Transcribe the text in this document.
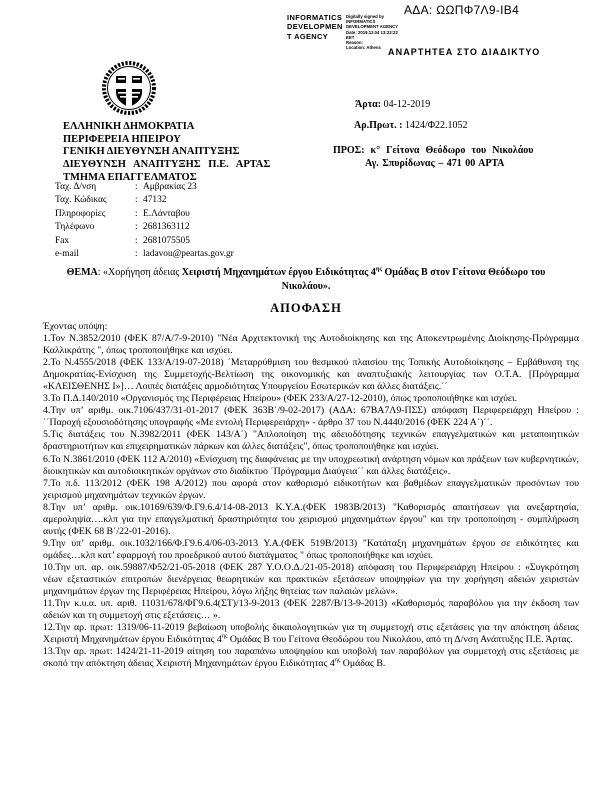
ΑΔΑ: ΩΩΠΦ7Λ9-ΙΒ4
INFORMATICS
DEVELOPMEN
T AGENCY
Digitally signed by
INFORMATICS
DEVELOPMENT AGENCY
Date: 2019.12.04 13:23:22
EET
Reason:
Location: Athens ΑΝΑΡΤΗΤΕΑ ΣΤΟ ΔΙΑΔΙΚΤΥΟ
ΕΛΛΗΝΙΚΗ ΔΗΜΟΚΡΑΤΙΑ
ΠΕΡΙΦΕΡΕΙΑ ΗΠΕΙΡΟΥ
ΓΕΝΙΚΗ ΔΙΕΥΘΥΝΣΗ ΑΝΑΠΤΥΞΗΣ
ΔΙΕΥΘΥΝΣΗ ΑΝΑΠΤΥΞΗΣ Π.Ε. ΑΡΤΑΣ
ΤΜΗΜΑ ΕΠΑΓΓΕΛΜΑΤΟΣ
Άρτα: 04-12-2019
Αρ.Πρωτ. : 1424/Φ22.1052
ΠΡΟΣ: κ° Γείτονα Θεόδωρο του Νικολάου
Αγ. Σπυρίδωνας – 471 00 ΑΡΤΑ
Ταχ. Δ/νση	: Αμβρακίας 23
Ταχ. Κώδικας	: 47132
Πληροφορίες	: Ε.Λάνταβου
Τηλέφωνο	: 2681363112
Fax	: 2681075505
e-mail	: ladavou@peartas.gov.gr
ΘΕΜΑ: «Χορήγηση άδειας Χειριστή Μηχανημάτων έργου Ειδικότητας $4^{\eta\varsigma}$ Ομάδας Β στον Γείτονα Θεόδωρο του Νικολάου».
ΑΠΟΦΑΣΗ
Έχοντας υπόψη:

1.Τον Ν.3852/2010 (ΦΕΚ 87/Α/7-9-2010) "Νέα Αρχιτεκτονική της Αυτοδιοίκησης και της Αποκεντρωμένης Διοίκησης-Πρόγραμμα Καλλικράτης ", όπως τροποποιήθηκε και ισχύει.

2.Το Ν.4555/2018 (ΦΕΚ 133/Α/19-07-2018) ΄Μεταρρύθμιση του θεσμικού πλαισίου της Τοπικής Αυτοδιοίκησης – Εμβάθυνση της Δημοκρατίας-Ενίσχυση της Συμμετοχής-Βελτίωση της οικονομικής και αναπτυξιακής λειτουργίας των Ο.Τ.Α. [Πρόγραμμα «ΚΛΕΙΣΘΕΝΗΣ Ι»]… Λοιπές διατάξεις αρμοδιότητας Υπουργείου Εσωτερικών και άλλες διατάξεις.΄΄

3.Το Π.Δ.140/2010 «Οργανισμός της Περιφέρειας Ηπείρου» (ΦΕΚ 233/Α/27-12-2010), όπως τροποποιήθηκε και ισχύει.

4.Την υπ’ αριθμ. οικ.7106/437/31-01-2017 (ΦΕΚ 363Β΄/9-02-2017) (ΑΔΑ: 67ΒΑ7Λ9-ΠΣΣ) απόφαση Περιφερειάρχη Ηπείρου : ΄΄Παροχή εξουσιοδότησης υπογραφής «Με εντολή Περιφερειάρχη» - άρθρο 37 του Ν.4440/2016 (ΦΕΚ 224 Α΄)΄΄.

5.Τις διατάξεις του Ν.3982/2011 (ΦΕΚ 143/Α΄) "Απλοποίηση της αδειοδότησης τεχνικών επαγγελματικών και μεταποιητικών δραστηριοτήτων και επιχειρηματικών πάρκων και άλλες διατάξεις", όπως τροποποιήθηκε και ισχύει.

6.Το Ν.3861/2010 (ΦΕΚ 112 Α/2010) «Ενίσχυση της διαφάνειας με την υποχρεωτική ανάρτηση νόμων και πράξεων των κυβερνητικών, διοικητικών και αυτοδιοικητικών οργάνων στο διαδίκτυο ΄Πρόγραμμα Διαύγεια΄΄ και άλλες διατάξεις».

7.Το π.δ. 113/2012 (ΦΕΚ 198 Α/2012) που αφορά στον καθορισμό ειδικοτήτων και βαθμίδων επαγγελματικών προσόντων του χειρισμού μηχανημάτων τεχνικών έργων.

8.Την υπ’ αριθμ. οικ.10169/639/Φ.Γ9.6.4/14-08-2013 Κ.Υ.Α.(ΦΕΚ 1983Β/2013) "Καθορισμός απαιτήσεων για ανεξαρτησία, αμεροληψία….κλπ για την επαγγελματική δραστηριότητα του χειρισμού μηχανημάτων έργου" και την τροποποίηση - συμπλήρωση αυτής (ΦΕΚ 68 Β΄/22-01-2016).

9.Την υπ’ αριθμ. οικ.1032/166/Φ.Γ9.6.4/06-03-2013 Υ.Α.(ΦΕΚ 519Β/2013) "Κατάταξη μηχανημάτων έργου σε ειδικότητες και ομάδες…κλπ κατ’ εφαρμογή του προεδρικού αυτού διατάγματος " όπως τροποποιήθηκε και ισχύει.

10.Την υπ. αρ. οικ.59887/Φ52/21-05-2018 (ΦΕΚ 287 Υ.Ο.Ο.Δ./21-05-2018) απόφαση του Περιφερειάρχη Ηπείρου : «Συγκρότηση νέων εξεταστικών επιτροπών διενέργειας θεωρητικών και πρακτικών εξετάσεων υποψηφίων για την χορήγηση αδειών χειριστών μηχανημάτων έργων της Περιφέρειας Ηπείρου, λόγω λήξης θητείας των παλαιών μελών».

11.Την κ.υ.α. υπ. αριθ. 11031/678/ΦΓ9.6.4(ΣΤ)/13-9-2013 (ΦΕΚ 2287/Β/13-9-2013) «Καθορισμός παραβόλου για την έκδοση των αδειών και τη συμμετοχή στις εξετάσεις… ».

12.Την αρ. πρωτ: 1319/06-11-2019 βεβαίωση υποβολής δικαιολογητικών για τη συμμετοχή στις εξετάσεις για την απόκτηση άδειας Χειριστή Μηχανημάτων έργου Ειδικότητας $4^{\eta\varsigma}$ Ομάδας Β του Γείτονα Θεοδώρου του Νικολάου, από τη Δ/νση Ανάπτυξης Π.Ε. Άρτας.

13.Την αρ. πρωτ: 1424/21-11-2019 αίτηση του παραπάνω υποψηφίου και υποβολή των παραβόλων για συμμετοχή στις εξετάσεις με σκοπό την απόκτηση άδειας Χειριστή Μηχανημάτων έργου Ειδικότητας $4^{\eta\varsigma}$ Ομάδας Β.
